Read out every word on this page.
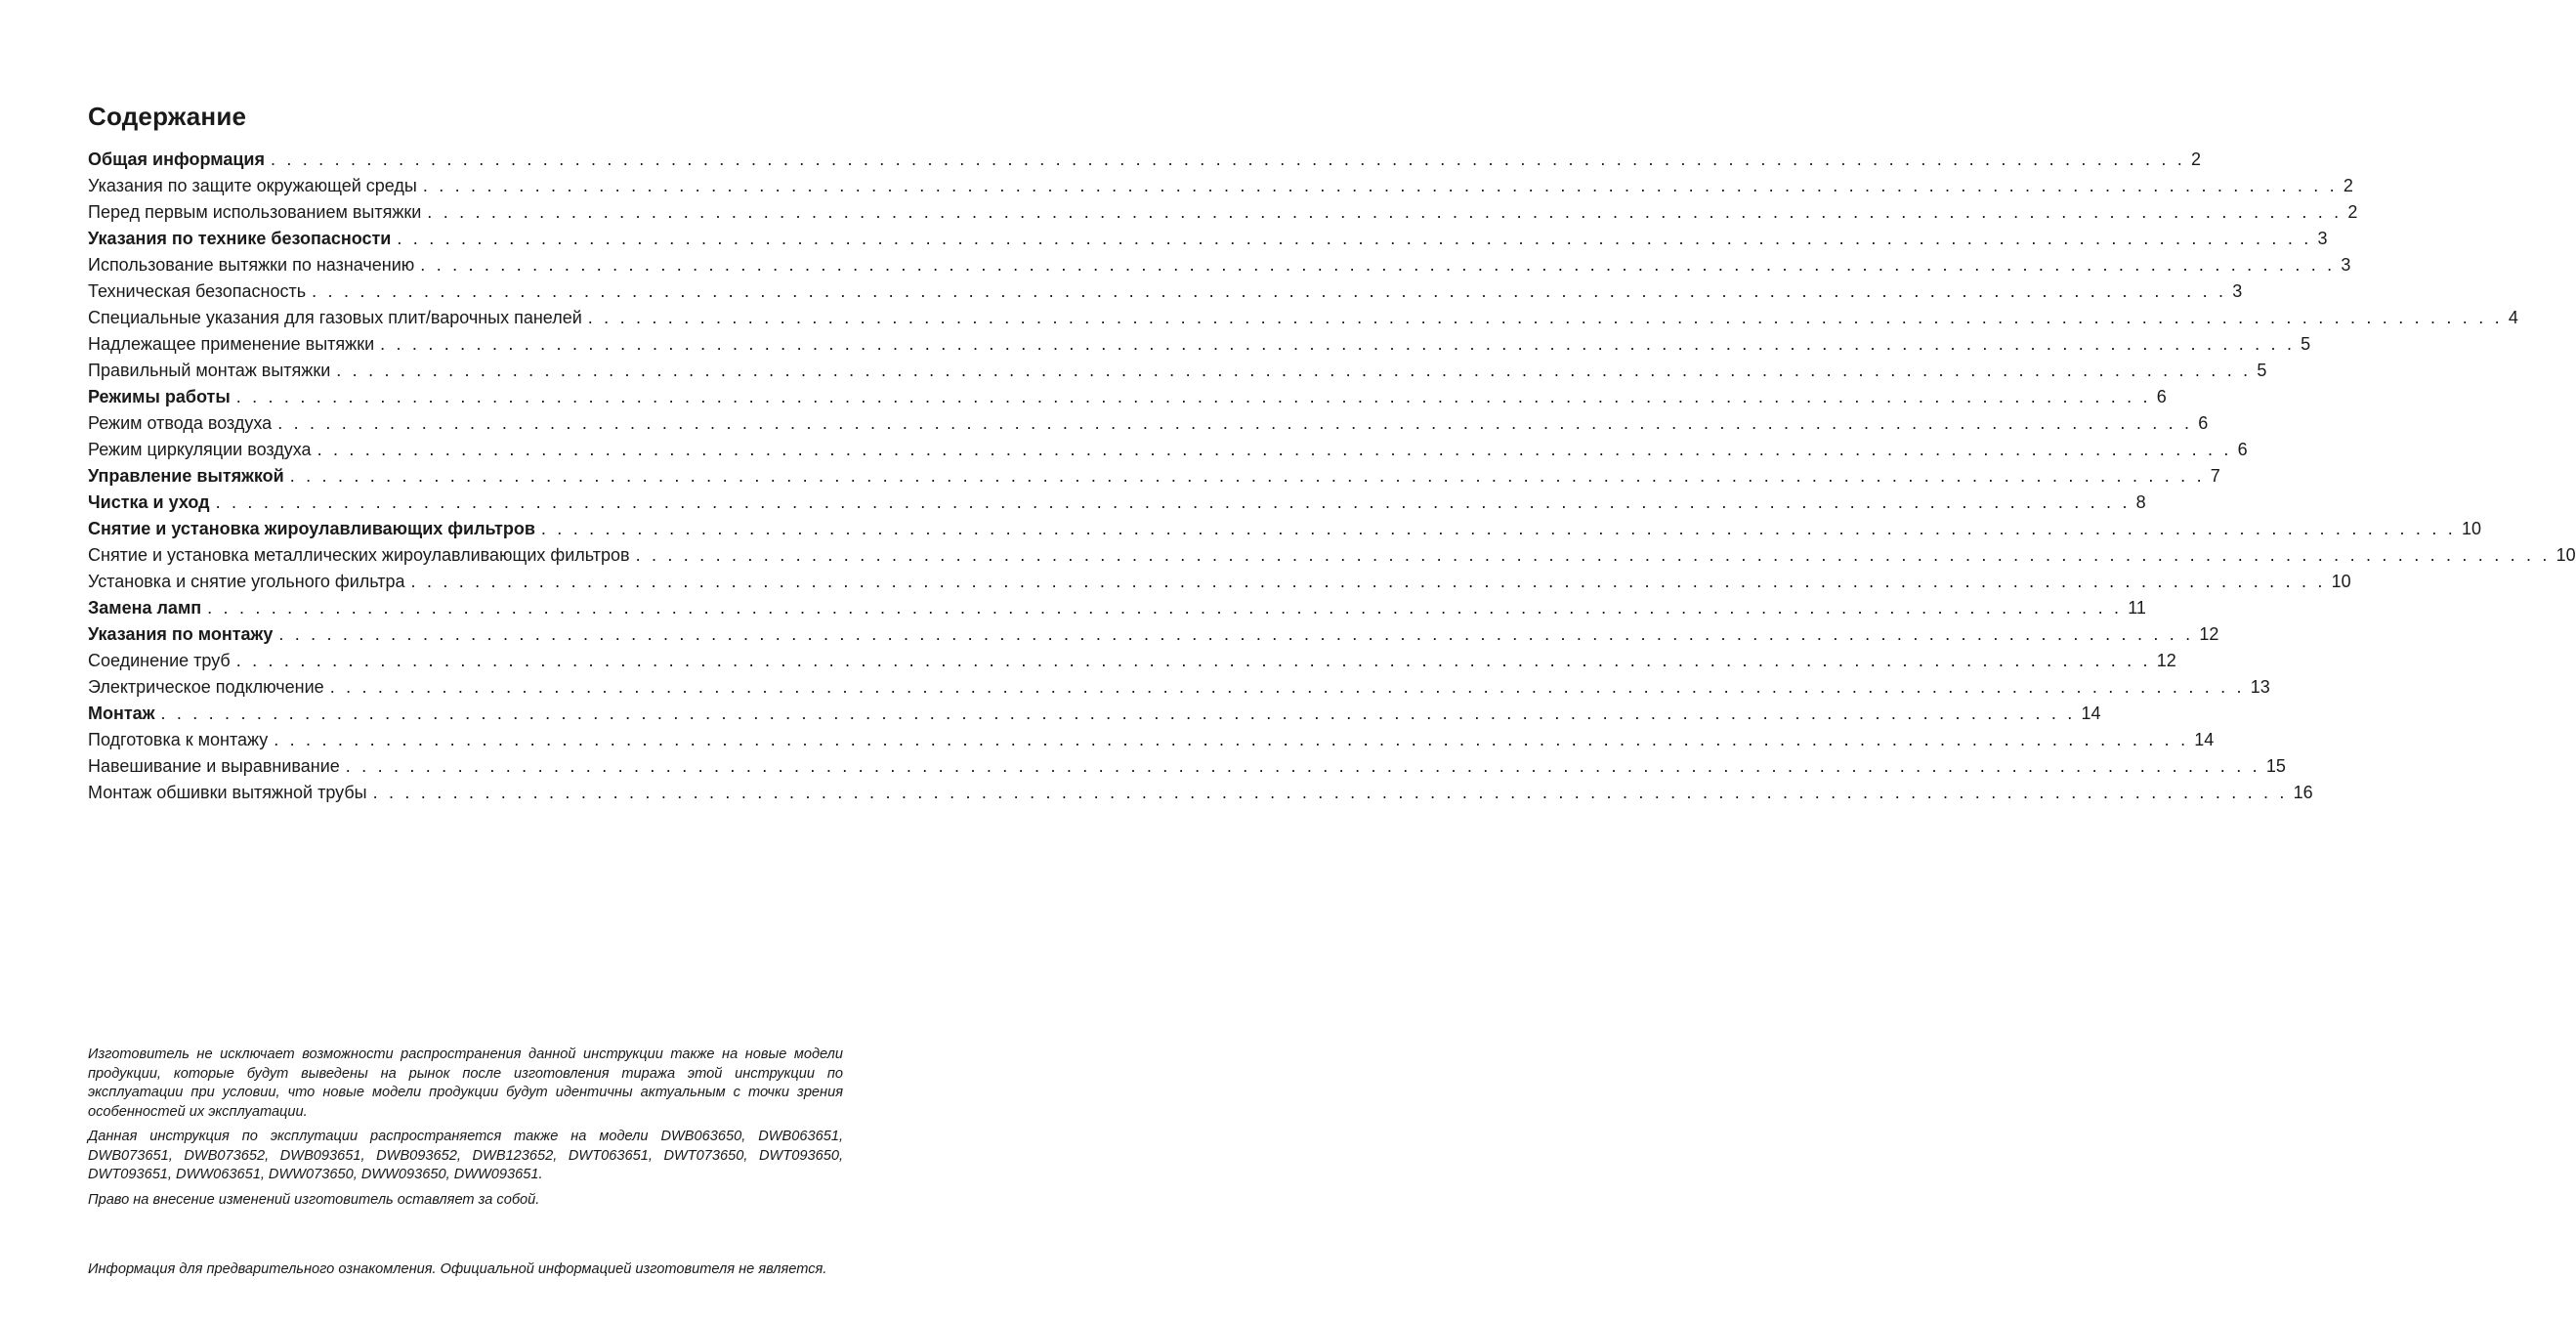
Содержание
Общая информация . . . . . . . . . . . . . . . . . . . . . . . . . . . . . . . . . . . . . . . . . . . . . . . . . . . . . . . . . . . . . . . . . . . . . . . . . . . . . . . . . . . . . . . . . . . . . . . . . . . . . . . . . . . . . . . . . . . . . . . . 2
Указания по защите окружающей среды . . . . . . . . . . . . . . . . . . . . . . . . . . . . . . . . . . . . . . . . . . . . . . . . . . . . . . . . . . . . . . . . . . . . . . . . . . . . . . . . . . . . . . . . . . . . . . . . . . . . . . . . . . . . . . . . . . . . . . . . 2
Перед первым использованием вытяжки . . . . . . . . . . . . . . . . . . . . . . . . . . . . . . . . . . . . . . . . . . . . . . . . . . . . . . . . . . . . . . . . . . . . . . . . . . . . . . . . . . . . . . . . . . . . . . . . . . . . . . . . . . . . . . . . . . . . . . . . 2
Указания по технике безопасности . . . . . . . . . . . . . . . . . . . . . . . . . . . . . . . . . . . . . . . . . . . . . . . . . . . . . . . . . . . . . . . . . . . . . . . . . . . . . . . . . . . . . . . . . . . . . . . . . . . . . . . . . . . . . . . . . . . . . . . . 3
Использование вытяжки по назначению . . . . . . . . . . . . . . . . . . . . . . . . . . . . . . . . . . . . . . . . . . . . . . . . . . . . . . . . . . . . . . . . . . . . . . . . . . . . . . . . . . . . . . . . . . . . . . . . . . . . . . . . . . . . . . . . . . . . . . . . 3
Техническая безопасность . . . . . . . . . . . . . . . . . . . . . . . . . . . . . . . . . . . . . . . . . . . . . . . . . . . . . . . . . . . . . . . . . . . . . . . . . . . . . . . . . . . . . . . . . . . . . . . . . . . . . . . . . . . . . . . . . . . . . . . . 3
Специальные указания для газовых плит/варочных панелей . . . . . . . . . . . . . . . . . . . . . . . . . . . . . . . . . . . . . . . . . . . . . . . . . . . . . . . . . . . . . . . . . . . . . . . . . . . . . . . . . . . . . . . . . . . . . . . . . . . . . . . . . . . . . . . . . . . . . . . . 4
Надлежащее применение вытяжки . . . . . . . . . . . . . . . . . . . . . . . . . . . . . . . . . . . . . . . . . . . . . . . . . . . . . . . . . . . . . . . . . . . . . . . . . . . . . . . . . . . . . . . . . . . . . . . . . . . . . . . . . . . . . . . . . . . . . . . . 5
Правильный монтаж вытяжки . . . . . . . . . . . . . . . . . . . . . . . . . . . . . . . . . . . . . . . . . . . . . . . . . . . . . . . . . . . . . . . . . . . . . . . . . . . . . . . . . . . . . . . . . . . . . . . . . . . . . . . . . . . . . . . . . . . . . . . . 5
Режимы работы . . . . . . . . . . . . . . . . . . . . . . . . . . . . . . . . . . . . . . . . . . . . . . . . . . . . . . . . . . . . . . . . . . . . . . . . . . . . . . . . . . . . . . . . . . . . . . . . . . . . . . . . . . . . . . . . . . . . . . . . 6
Режим отвода воздуха . . . . . . . . . . . . . . . . . . . . . . . . . . . . . . . . . . . . . . . . . . . . . . . . . . . . . . . . . . . . . . . . . . . . . . . . . . . . . . . . . . . . . . . . . . . . . . . . . . . . . . . . . . . . . . . . . . . . . . . . 6
Режим циркуляции воздуха . . . . . . . . . . . . . . . . . . . . . . . . . . . . . . . . . . . . . . . . . . . . . . . . . . . . . . . . . . . . . . . . . . . . . . . . . . . . . . . . . . . . . . . . . . . . . . . . . . . . . . . . . . . . . . . . . . . . . . . . 6
Управление вытяжкой . . . . . . . . . . . . . . . . . . . . . . . . . . . . . . . . . . . . . . . . . . . . . . . . . . . . . . . . . . . . . . . . . . . . . . . . . . . . . . . . . . . . . . . . . . . . . . . . . . . . . . . . . . . . . . . . . . . . . . . . 7
Чистка и уход . . . . . . . . . . . . . . . . . . . . . . . . . . . . . . . . . . . . . . . . . . . . . . . . . . . . . . . . . . . . . . . . . . . . . . . . . . . . . . . . . . . . . . . . . . . . . . . . . . . . . . . . . . . . . . . . . . . . . . . . 8
Снятие и установка жироулавливающих фильтров . . . . . . . . . . . . . . . . . . . . . . . . . . . . . . . . . . . . . . . . . . . . . . . . . . . . . . . . . . . . . . . . . . . . . . . . . . . . . . . . . . . . . . . . . . . . . . . . . . . . . . . . . . . . . . . . . . . . . . . . 10
Снятие и установка металлических жироулавливающих фильтров . . . . . . . . . . . . . . . . . . . . . . . . . . . . . . . . . . . . . . . . . . . . . . . . . . . . . . . . . . . . . . . . . . . . . . . . . . . . . . . . . . . . . . . . . . . . . . . . . . . . . . . . . . . . . . . . . . . . . . . . 10
Установка и снятие угольного фильтра . . . . . . . . . . . . . . . . . . . . . . . . . . . . . . . . . . . . . . . . . . . . . . . . . . . . . . . . . . . . . . . . . . . . . . . . . . . . . . . . . . . . . . . . . . . . . . . . . . . . . . . . . . . . . . . . . . . . . . . . 10
Замена ламп . . . . . . . . . . . . . . . . . . . . . . . . . . . . . . . . . . . . . . . . . . . . . . . . . . . . . . . . . . . . . . . . . . . . . . . . . . . . . . . . . . . . . . . . . . . . . . . . . . . . . . . . . . . . . . . . . . . . . . . . 11
Указания по монтажу . . . . . . . . . . . . . . . . . . . . . . . . . . . . . . . . . . . . . . . . . . . . . . . . . . . . . . . . . . . . . . . . . . . . . . . . . . . . . . . . . . . . . . . . . . . . . . . . . . . . . . . . . . . . . . . . . . . . . . . . 12
Соединение труб . . . . . . . . . . . . . . . . . . . . . . . . . . . . . . . . . . . . . . . . . . . . . . . . . . . . . . . . . . . . . . . . . . . . . . . . . . . . . . . . . . . . . . . . . . . . . . . . . . . . . . . . . . . . . . . . . . . . . . . . 12
Электрическое подключение . . . . . . . . . . . . . . . . . . . . . . . . . . . . . . . . . . . . . . . . . . . . . . . . . . . . . . . . . . . . . . . . . . . . . . . . . . . . . . . . . . . . . . . . . . . . . . . . . . . . . . . . . . . . . . . . . . . . . . . . 13
Монтаж . . . . . . . . . . . . . . . . . . . . . . . . . . . . . . . . . . . . . . . . . . . . . . . . . . . . . . . . . . . . . . . . . . . . . . . . . . . . . . . . . . . . . . . . . . . . . . . . . . . . . . . . . . . . . . . . . . . . . . . . 14
Подготовка к монтажу . . . . . . . . . . . . . . . . . . . . . . . . . . . . . . . . . . . . . . . . . . . . . . . . . . . . . . . . . . . . . . . . . . . . . . . . . . . . . . . . . . . . . . . . . . . . . . . . . . . . . . . . . . . . . . . . . . . . . . . . 14
Навешивание и выравнивание . . . . . . . . . . . . . . . . . . . . . . . . . . . . . . . . . . . . . . . . . . . . . . . . . . . . . . . . . . . . . . . . . . . . . . . . . . . . . . . . . . . . . . . . . . . . . . . . . . . . . . . . . . . . . . . . . . . . . . . . 15
Монтаж обшивки вытяжной трубы . . . . . . . . . . . . . . . . . . . . . . . . . . . . . . . . . . . . . . . . . . . . . . . . . . . . . . . . . . . . . . . . . . . . . . . . . . . . . . . . . . . . . . . . . . . . . . . . . . . . . . . . . . . . . . . . . . . . . . . . 16

Изготовитель не исключает возможности распространения данной инструкции также на новые модели продукции, которые будут выведены на рынок после изготовления тиража этой инструкции по эксплуатации при условии, что новые модели продукции будут идентичны актуальным с точки зрения особенностей их эксплуатации.

Данная инструкция по эксплутации распространяется также на модели DWB063650, DWB063651, DWB073651, DWB073652, DWB093651, DWB093652, DWB123652, DWT063651, DWT073650, DWT093650, DWT093651, DWW063651, DWW073650, DWW093650, DWW093651.

Право на внесение изменений изготовитель оставляет за собой.

Информация для предварительного ознакомления. Официальной информацией изготовителя не является.
